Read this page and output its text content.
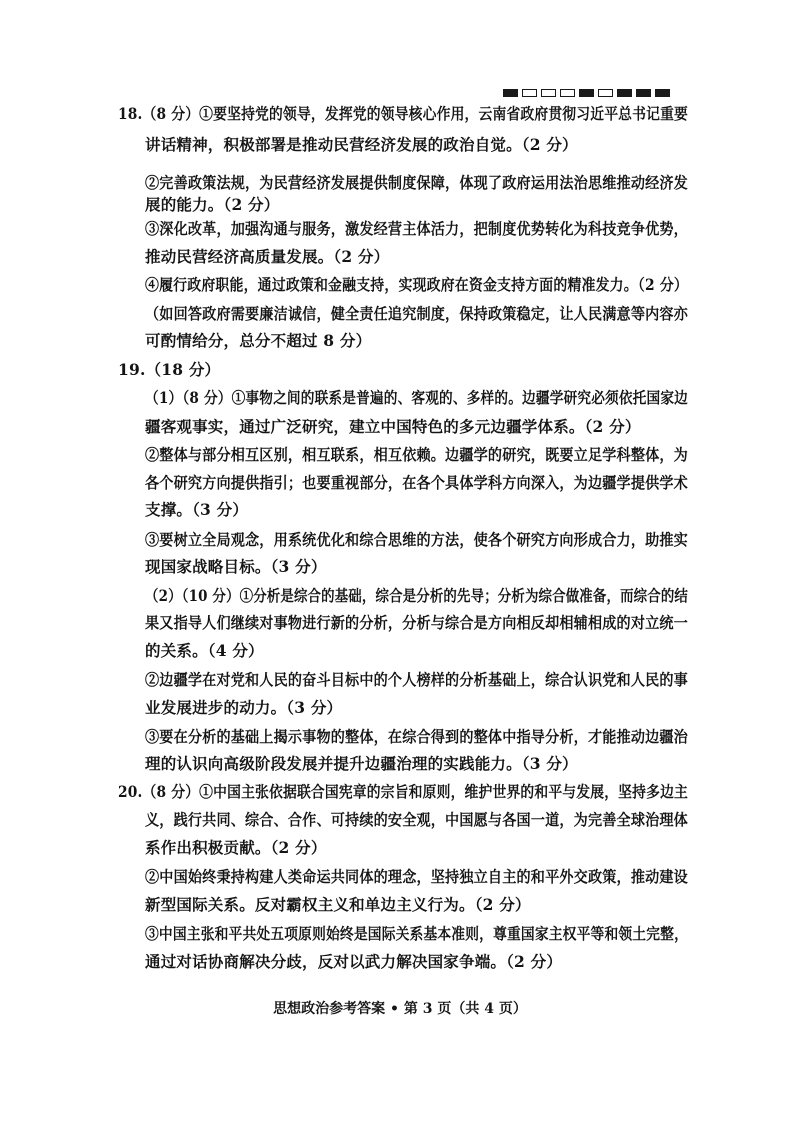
18.（8 分）①要坚持党的领导，发挥党的领导核心作用，云南省政府贯彻习近平总书记重要
讲话精神，积极部署是推动民营经济发展的政治自觉。（2 分）
②完善政策法规，为民营经济发展提供制度保障，体现了政府运用法治思维推动经济发
展的能力。（2 分）
③深化改革，加强沟通与服务，激发经营主体活力，把制度优势转化为科技竞争优势，
推动民营经济高质量发展。（2 分）
④履行政府职能，通过政策和金融支持，实现政府在资金支持方面的精准发力。（2 分）
（如回答政府需要廉洁诚信，健全责任追究制度，保持政策稳定，让人民满意等内容亦
可酌情给分，总分不超过 8 分）
19.（18 分）
（1）（8 分）①事物之间的联系是普遍的、客观的、多样的。边疆学研究必须依托国家边
疆客观事实，通过广泛研究，建立中国特色的多元边疆学体系。（2 分）
②整体与部分相互区别，相互联系，相互依赖。边疆学的研究，既要立足学科整体，为
各个研究方向提供指引；也要重视部分，在各个具体学科方向深入，为边疆学提供学术
支撑。（3 分）
③要树立全局观念，用系统优化和综合思维的方法，使各个研究方向形成合力，助推实
现国家战略目标。（3 分）
（2）（10 分）①分析是综合的基础，综合是分析的先导；分析为综合做准备，而综合的结
果又指导人们继续对事物进行新的分析，分析与综合是方向相反却相辅相成的对立统一
的关系。（4 分）
②边疆学在对党和人民的奋斗目标中的个人榜样的分析基础上，综合认识党和人民的事
业发展进步的动力。（3 分）
③要在分析的基础上揭示事物的整体，在综合得到的整体中指导分析，才能推动边疆治
理的认识向高级阶段发展并提升边疆治理的实践能力。（3 分）
20.（8 分）①中国主张依据联合国宪章的宗旨和原则，维护世界的和平与发展，坚持多边主
义，践行共同、综合、合作、可持续的安全观，中国愿与各国一道，为完善全球治理体
系作出积极贡献。（2 分）
②中国始终秉持构建人类命运共同体的理念，坚持独立自主的和平外交政策，推动建设
新型国际关系。反对霸权主义和单边主义行为。（2 分）
③中国主张和平共处五项原则始终是国际关系基本准则，尊重国家主权平等和领土完整，
通过对话协商解决分歧，反对以武力解决国家争端。（2 分）
思想政治参考答案 • 第 3 页（共 4 页）
